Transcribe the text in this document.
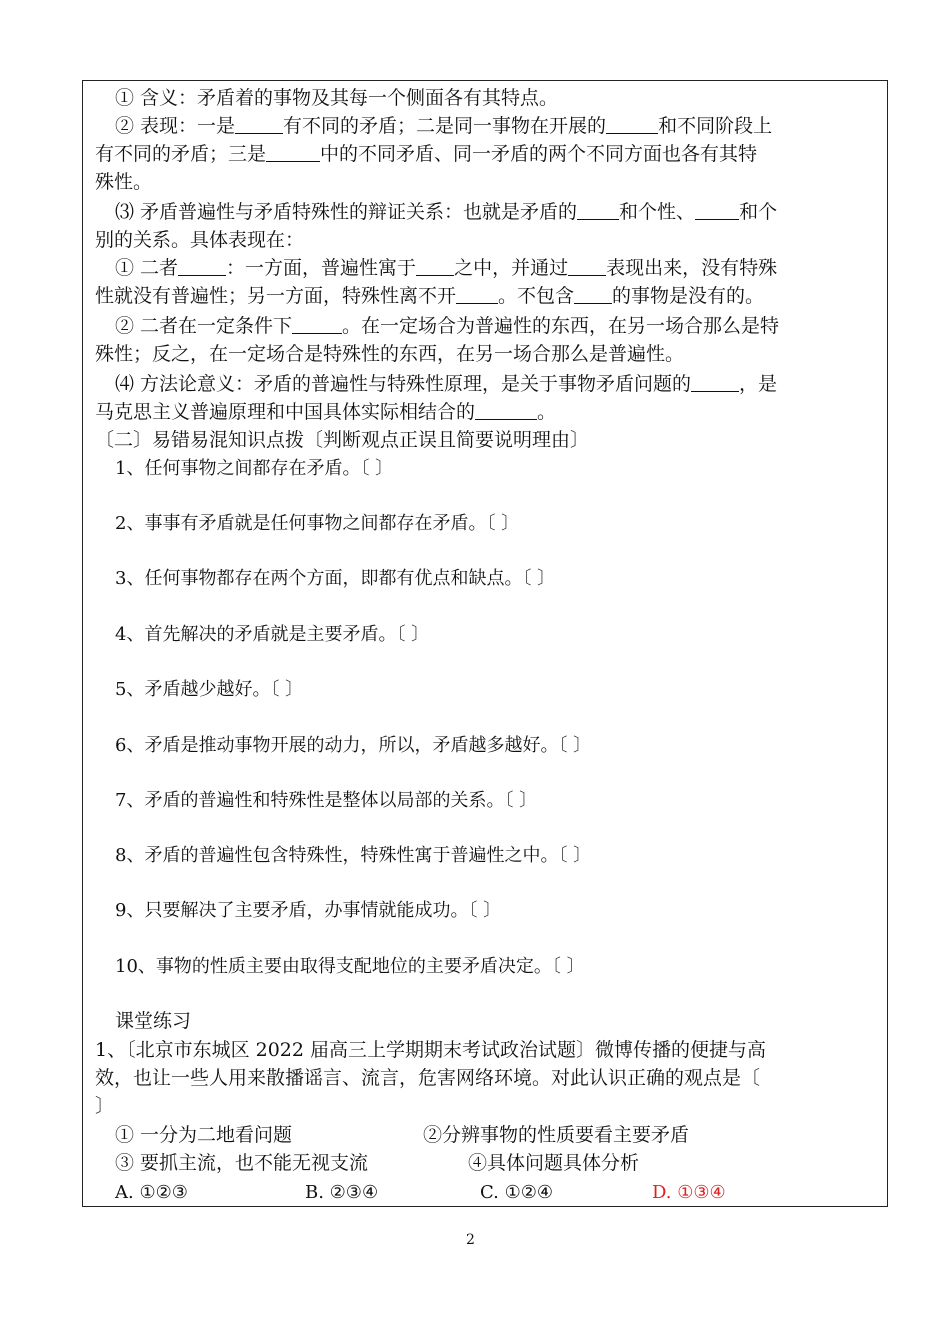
① 含义：矛盾着的事物及其每一个侧面各有其特点。
② 表现：一是	有不同的矛盾；二是同一事物在开展的	和不同阶段上
有不同的矛盾；三是	中的不同矛盾、同一矛盾的两个不同方面也各有其特
殊性。
⑶ 矛盾普遍性与矛盾特殊性的辩证关系：也就是矛盾的 和个性、 和个
别的关系。具体表现在：
① 二者	：一方面，普遍性寓于 之中，并通过 表现出来，没有特殊
性就没有普遍性；另一方面，特殊性离不开 。不包含 的事物是没有的。
② 二者在一定条件下	。在一定场合为普遍性的东西，在另一场合那么是特
殊性；反之，在一定场合是特殊性的东西，在另一场合那么是普遍性。
⑷ 方法论意义：矛盾的普遍性与特殊性原理，是关于事物矛盾问题的	，是
马克思主义普遍原理和中国具体实际相结合的	。
〔二〕易错易混知识点拨〔判断观点正误且简要说明理由〕
1、任何事物之间都存在矛盾。〔 〕
2、事事有矛盾就是任何事物之间都存在矛盾。〔 〕
3、任何事物都存在两个方面，即都有优点和缺点。〔 〕
4、首先解决的矛盾就是主要矛盾。〔 〕
5、矛盾越少越好。〔 〕
6、矛盾是推动事物开展的动力，所以，矛盾越多越好。〔 〕
7、矛盾的普遍性和特殊性是整体以局部的关系。〔 〕
8、矛盾的普遍性包含特殊性，特殊性寓于普遍性之中。〔 〕
9、只要解决了主要矛盾，办事情就能成功。〔 〕
10、事物的性质主要由取得支配地位的主要矛盾决定。〔 〕
课堂练习
1、〔北京市东城区 2022 届高三上学期期末考试政治试题〕微博传播的便捷与高
效，也让一些人用来散播谣言、流言，危害网络环境。对此认识正确的观点是〔
〕
① 一分为二地看问题	②分辨事物的性质要看主要矛盾
③ 要抓主流，也不能无视支流	④具体问题具体分析
A. ①②③	B. ②③④	C. ①②④	D. ①③④
2
